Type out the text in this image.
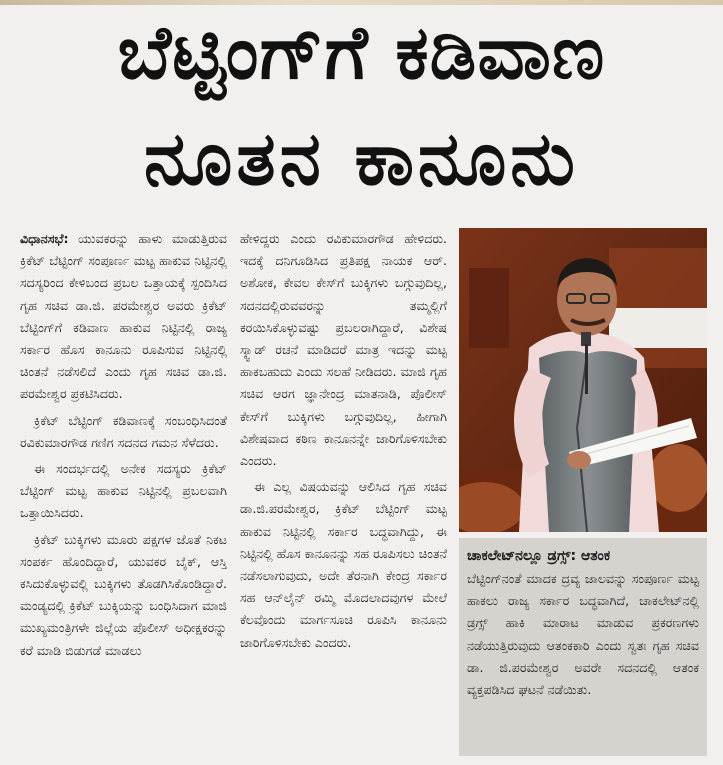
ಬೆಟ್ಟಿಂಗ್‌ಗೆ ಕಡಿವಾಣ
ನೂತನ ಕಾನೂನು

ವಿಧಾನಸಭೆ: ಯುವಕರನ್ನು ಹಾಳು ಮಾಡುತ್ತಿರುವ ಕ್ರಿಕೆಟ್ ಬೆಟ್ಟಿಂಗ್ ಸಂಪೂರ್ಣ ಮಟ್ಟ ಹಾಕುವ ನಿಟ್ಟಿನಲ್ಲಿ ಸದಸ್ಯರಿಂದ ಕೇಳಿಬಂದ ಪ್ರಬಲ ಒತ್ತಾಯಕ್ಕೆ ಸ್ಪಂದಿಸಿದ ಗೃಹ ಸಚಿವ ಡಾ.ಜಿ. ಪರಮೇಶ್ವರ ಅವರು ಕ್ರಿಕೆಟ್ ಬೆಟ್ಟಿಂಗ್‌ಗೆ ಕಡಿವಾಣ ಹಾಕುವ ನಿಟ್ಟಿನಲ್ಲಿ ರಾಜ್ಯ ಸರ್ಕಾರ ಹೊಸ ಕಾನೂನು ರೂಪಿಸುವ ನಿಟ್ಟಿನಲ್ಲಿ ಚಿಂತನೆ ನಡೆಸಲಿದೆ ಎಂದು ಗೃಹ ಸಚಿವ ಡಾ.ಜಿ. ಪರಮೇಶ್ವರ ಪ್ರಕಟಿಸಿದರು.

ಕ್ರಿಕೆಟ್ ಬೆಟ್ಟಿಂಗ್ ಕಡಿವಾಣಕ್ಕೆ ಸಂಬಂಧಿಸಿದಂತೆ ರವಿಕುಮಾರಗೌಡ ಗಣಿಗ ಸದನದ ಗಮನ ಸೆಳೆದರು.

ಈ ಸಂದರ್ಭದಲ್ಲಿ ಅನೇಕ ಸದಸ್ಯರು ಕ್ರಿಕೆಟ್ ಬೆಟ್ಟಿಂಗ್ ಮಟ್ಟ ಹಾಕುವ ನಿಟ್ಟಿನಲ್ಲಿ ಪ್ರಬಲವಾಗಿ ಒತ್ತಾಯಿಸಿದರು.

ಕ್ರಿಕೆಟ್ ಬುಕ್ಕಿಗಳು ಮೂರು ಪಕ್ಷಗಳ ಜೊತೆ ನಿಕಟ ಸಂಪರ್ಕ ಹೊಂದಿದ್ದಾರೆ, ಯುವಕರ ಬೈಕ್, ಆಸ್ತಿ ಕಸಿದುಕೊಳ್ಳುವಲ್ಲಿ ಬುಕ್ಕಿಗಳು ತೊಡಗಿಸಿಕೊಂಡಿದ್ದಾರೆ. ಮಂಡ್ಯದಲ್ಲಿ ಕ್ರಿಕೆಟ್ ಬುಕ್ಕಿಯನ್ನು ಬಂಧಿಸಿದಾಗ ಮಾಜಿ ಮುಖ್ಯಮಂತ್ರಿಗಳೇ ಜಿಲ್ಲೆಯ ಪೊಲೀಸ್ ಅಧೀಕ್ಷಕರನ್ನು ಕರೆ ಮಾಡಿ ಬಿಡುಗಡೆ ಮಾಡಲು

ಹೇಳಿದ್ದರು ಎಂದು ರವಿಕುಮಾರಗೌಡ ಹೇಳಿದರು. ಇದಕ್ಕೆ ದನಿಗೂಡಿಸಿದ ಪ್ರತಿಪಕ್ಷ ನಾಯಕ ಆರ್. ಅಶೋಕ, ಕೇವಲ ಕೇಸ್‌ಗೆ ಬುಕ್ಕಿಗಳು ಬಗ್ಗುವುದಿಲ್ಲ, ಸದನದಲ್ಲಿರುವವರನ್ನು ತಮ್ಮಲ್ಲಿಗೆ ಕರಯಿಸಿಕೊಳ್ಳುವಷ್ಟು ಪ್ರಬಲರಾಗಿದ್ದಾರೆ, ವಿಶೇಷ ಸ್ಕ್ವಾಡ್ ರಚನೆ ಮಾಡಿದರೆ ಮಾತ್ರ ಇದನ್ನು ಮಟ್ಟ ಹಾಕಬಹುದು ಎಂದು ಸಲಹೆ ನೀಡಿದರು. ಮಾಜಿ ಗೃಹ ಸಚಿವ ಆರಗ ಜ್ಞಾನೇಂದ್ರ ಮಾತನಾಡಿ, ಪೊಲೀಸ್ ಕೇಸ್‌ಗೆ ಬುಕ್ಕಿಗಳು ಬಗ್ಗುವುದಿಲ್ಲ, ಹೀಗಾಗಿ ವಿಶೇಷವಾದ ಕಠಿಣ ಕಾನೂನನ್ನೇ ಜಾರಿಗೊಳಿಸಬೇಕು ಎಂದರು.

ಈ ಎಲ್ಲ ವಿಷಯವನ್ನು ಆಲಿಸಿದ ಗೃಹ ಸಚಿವ ಡಾ.ಜಿ.ಪರಮೇಶ್ವರ, ಕ್ರಿಕೆಟ್ ಬೆಟ್ಟಿಂಗ್ ಮಟ್ಟ ಹಾಕುವ ನಿಟ್ಟಿನಲ್ಲಿ ಸರ್ಕಾರ ಬದ್ಧವಾಗಿದ್ದು, ಈ ನಿಟ್ಟಿನಲ್ಲಿ ಹೊಸ ಕಾನೂನನ್ನು ಸಹ ರೂಪಿಸಲು ಚಿಂತನೆ ನಡೆಸಲಾಗುವುದು, ಅದೇ ತೆರನಾಗಿ ಕೇಂದ್ರ ಸರ್ಕಾರ ಸಹ ಆನ್‌ಲೈನ್ ರಮ್ಮಿ ಮೊದಲಾದವುಗಳ ಮೇಲೆ ಕೆಲವೊಂದು ಮಾರ್ಗಸೂಚಿ ರೂಪಿಸಿ ಕಾನೂನು ಜಾರಿಗೊಳಿಸಬೇಕು ಎಂದರು.

ಚಾಕಲೇಟ್‌ನಲ್ಲೂ ಡ್ರಗ್ಸ್: ಆತಂಕ
ಬೆಟ್ಟಿಂಗ್‌ನಂತೆ ಮಾದಕ ದ್ರವ್ಯ ಜಾಲವನ್ನು ಸಂಪೂರ್ಣ ಮಟ್ಟ ಹಾಕಲು ರಾಜ್ಯ ಸರ್ಕಾರ ಬದ್ಧವಾಗಿದೆ, ಚಾಕಲೇಟ್‌ನಲ್ಲಿ ಡ್ರಗ್ಸ್ ಹಾಕಿ ಮಾರಾಟ ಮಾಡುವ ಪ್ರಕರಣಗಳು ನಡೆಯುತ್ತಿರುವುದು ಆತಂಕಕಾರಿ ಎಂದು ಸ್ವತಃ ಗೃಹ ಸಚಿವ ಡಾ. ಜಿ.ಪರಮೇಶ್ವರ ಅವರೇ ಸದನದಲ್ಲಿ ಆತಂಕ ವ್ಯಕ್ತಪಡಿಸಿದ ಘಟನೆ ನಡೆಯಿತು.
